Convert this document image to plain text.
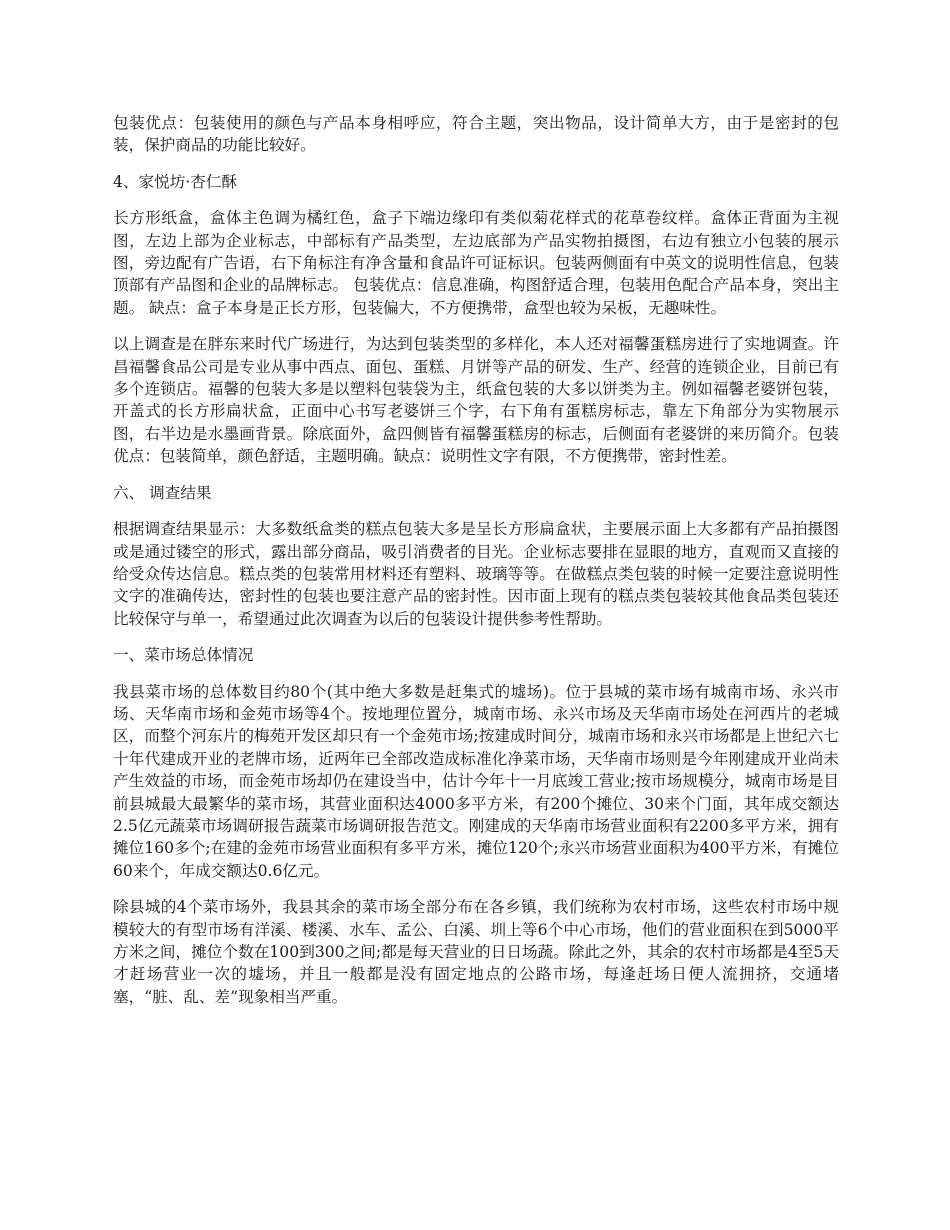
包装优点：包装使用的颜色与产品本身相呼应，符合主题，突出物品，设计简单大方，由于是密封的包装，保护商品的功能比较好。

4、家悦坊·杏仁酥

长方形纸盒，盒体主色调为橘红色，盒子下端边缘印有类似菊花样式的花草卷纹样。盒体正背面为主视图，左边上部为企业标志，中部标有产品类型，左边底部为产品实物拍摄图，右边有独立小包装的展示图，旁边配有广告语，右下角标注有净含量和食品许可证标识。包装两侧面有中英文的说明性信息，包装顶部有产品图和企业的品牌标志。 包装优点：信息准确，构图舒适合理，包装用色配合产品本身，突出主题。 缺点：盒子本身是正长方形，包装偏大，不方便携带，盒型也较为呆板，无趣味性。

以上调查是在胖东来时代广场进行，为达到包装类型的多样化，本人还对福馨蛋糕房进行了实地调查。许昌福馨食品公司是专业从事中西点、面包、蛋糕、月饼等产品的研发、生产、经营的连锁企业，目前已有多个连锁店。福馨的包装大多是以塑料包装袋为主，纸盒包装的大多以饼类为主。例如福馨老婆饼包装，开盖式的长方形扁状盒，正面中心书写老婆饼三个字，右下角有蛋糕房标志，靠左下角部分为实物展示图，右半边是水墨画背景。除底面外，盒四侧皆有福馨蛋糕房的标志，后侧面有老婆饼的来历简介。包装优点：包装简单，颜色舒适，主题明确。缺点：说明性文字有限，不方便携带，密封性差。

六、 调查结果

根据调查结果显示：大多数纸盒类的糕点包装大多是呈长方形扁盒状，主要展示面上大多都有产品拍摄图或是通过镂空的形式，露出部分商品，吸引消费者的目光。企业标志要排在显眼的地方，直观而又直接的给受众传达信息。糕点类的包装常用材料还有塑料、玻璃等等。在做糕点类包装的时候一定要注意说明性文字的准确传达，密封性的包装也要注意产品的密封性。因市面上现有的糕点类包装较其他食品类包装还比较保守与单一，希望通过此次调查为以后的包装设计提供参考性帮助。

一、菜市场总体情况

我县菜市场的总体数目约80个(其中绝大多数是赶集式的墟场)。位于县城的菜市场有城南市场、永兴市场、天华南市场和金苑市场等4个。按地理位置分，城南市场、永兴市场及天华南市场处在河西片的老城区，而整个河东片的梅苑开发区却只有一个金苑市场;按建成时间分，城南市场和永兴市场都是上世纪六七十年代建成开业的老牌市场，近两年已全部改造成标准化净菜市场，天华南市场则是今年刚建成开业尚未产生效益的市场，而金苑市场却仍在建设当中，估计今年十一月底竣工营业;按市场规模分，城南市场是目前县城最大最繁华的菜市场，其营业面积达4000多平方米，有200个摊位、30来个门面，其年成交额达2.5亿元蔬菜市场调研报告蔬菜市场调研报告范文。刚建成的天华南市场营业面积有2200多平方米，拥有摊位160多个;在建的金苑市场营业面积有多平方米，摊位120个;永兴市场营业面积为400平方米，有摊位60来个，年成交额达0.6亿元。

除县城的4个菜市场外，我县其余的菜市场全部分布在各乡镇，我们统称为农村市场，这些农村市场中规模较大的有型市场有洋溪、楼溪、水车、孟公、白溪、圳上等6个中心市场，他们的营业面积在到5000平方米之间，摊位个数在100到300之间;都是每天营业的日日场蔬。除此之外，其余的农村市场都是4至5天才赶场营业一次的墟场，并且一般都是没有固定地点的公路市场，每逢赶场日便人流拥挤，交通堵塞，“脏、乱、差”现象相当严重。
